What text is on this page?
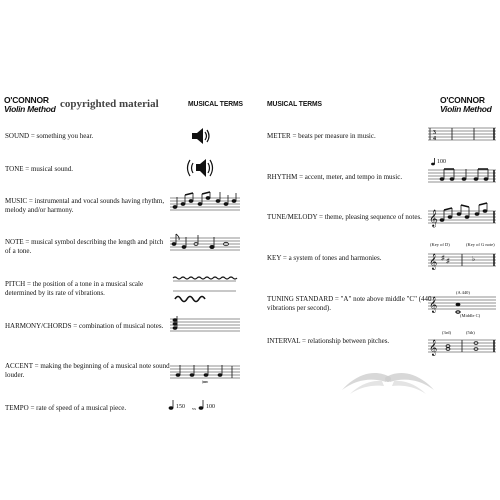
O'CONNOR
Violin Method copyrighted material	MUSICAL TERMS	MUSICAL TERMS	O'CONNOR
Violin Method
SOUND = something you hear.
TONE = musical sound.
MUSIC = instrumental and vocal sounds having rhythm, melody and/or harmony.
NOTE = musical symbol describing the length and pitch of a tone.
PITCH = the position of a tone in a musical scale determined by its rate of vibrations.
HARMONY/CHORDS = combination of musical notes.
ACCENT = making the beginning of a musical note sound louder.
TEMPO = rate of speed of a musical piece.	150 vs 100
METER = beats per measure in music.	3
4
RHYTHM = accent, meter, and tempo in music.
100
TUNE/MELODY = theme, pleasing sequence of notes. 𝄞
KEY = a system of tones and harmonies.	𝄞 ♯ ♯	♭
(Key of D)	(Key of G note)
TUNING STANDARD = "A" note above middle "C" (440 vibrations per second).	𝄞
(A 440)
(Middle C)
INTERVAL = relationship between pitches.	𝄞
(3rd)	(5th)
